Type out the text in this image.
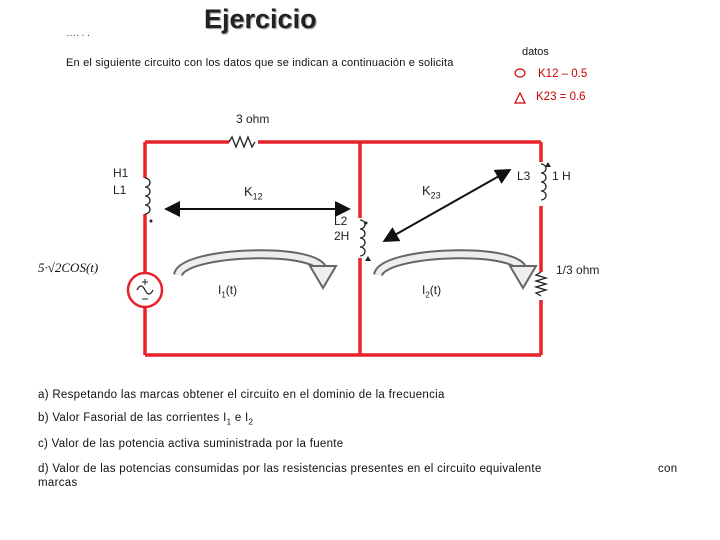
Ejercicio
…. . .
En el siguiente circuito con los datos que se indican a continuación e solicita
datos
K12 – 0.5
K23 = 0.6
3 ohm
H1
L1	$K_{12}$	$K_{23}$
L2
2H
L3 1 H
1/3 ohm
5·√2COS(t)
$I_1(t)$	$I_2(t)$
a) Respetando las marcas obtener el circuito en el dominio de la frecuencia
b) Valor Fasorial de las corrientes $I_1$ e $I_2$
c) Valor de las potencia activa suministrada por la fuente
d) Valor de las potencias consumidas por las resistencias presentes en el circuito equivalente	con
marcas
